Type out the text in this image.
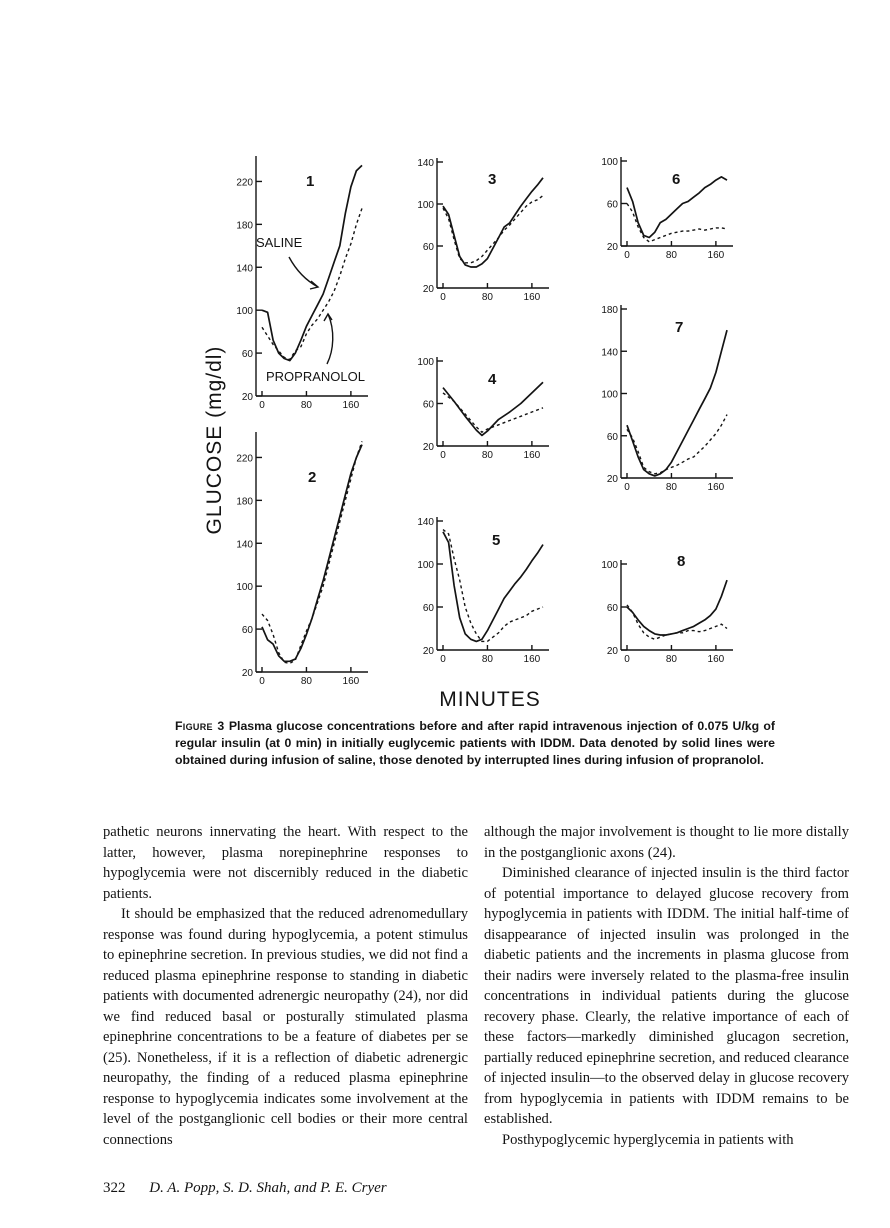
GLUCOSE (mg/dl)
MINUTES
20
60
100
140
180
220
0	80	160
1
20
60
100
140
180
220
0	80	160
2
20
60
100
140
0	80	160
3
20
60
100
0	80	160
4
20
60
100
140
0	80	160
5
20
60
100
0	80	160
6
20
60
100
140
180
0	80	160
7
20
60
100
0	80	160
8
SALINE
PROPRANOLOL
Figure 3 Plasma glucose concentrations before and after rapid intravenous injection of 0.075 U/kg of regular insulin (at 0 min) in initially euglycemic patients with IDDM. Data denoted by solid lines were obtained during infusion of saline, those denoted by interrupted lines during infusion of propranolol.

pathetic neurons innervating the heart. With respect to the latter, however, plasma norepinephrine responses to hypoglycemia were not discernibly reduced in the diabetic patients.

It should be emphasized that the reduced adrenomedullary response was found during hypoglycemia, a potent stimulus to epinephrine secretion. In previous studies, we did not find a reduced plasma epinephrine response to standing in diabetic patients with documented adrenergic neuropathy (24), nor did we find reduced basal or posturally stimulated plasma epinephrine concentrations to be a feature of diabetes per se (25). Nonetheless, if it is a reflection of diabetic adrenergic neuropathy, the finding of a reduced plasma epinephrine response to hypoglycemia indicates some involvement at the level of the postganglionic cell bodies or their more central connections

although the major involvement is thought to lie more distally in the postganglionic axons (24).

Diminished clearance of injected insulin is the third factor of potential importance to delayed glucose recovery from hypoglycemia in patients with IDDM. The initial half-time of disappearance of injected insulin was prolonged in the diabetic patients and the increments in plasma glucose from their nadirs were inversely related to the plasma-free insulin concentrations in individual patients during the glucose recovery phase. Clearly, the relative importance of each of these factors—markedly diminished glucagon secretion, partially reduced epinephrine secretion, and reduced clearance of injected insulin—to the observed delay in glucose recovery from hypoglycemia in patients with IDDM remains to be established.

Posthypoglycemic hyperglycemia in patients with

322 D. A. Popp, S. D. Shah, and P. E. Cryer
